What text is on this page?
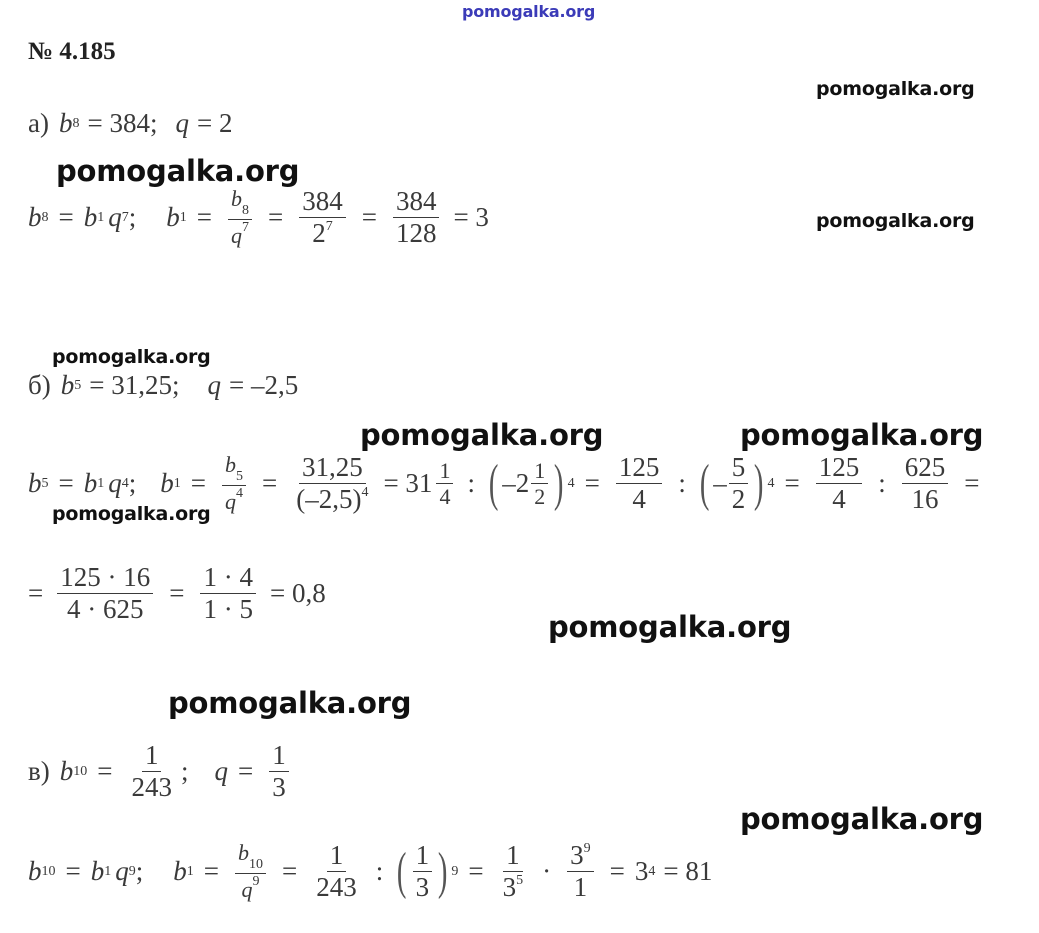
pomogalka.org
№ 4.185
pomogalka.org
pomogalka.org
pomogalka.org
pomogalka.org
pomogalka.org	pomogalka.org
pomogalka.org
pomogalka.org
pomogalka.org
pomogalka.org
а) b 8 = 384; q = 2
b 8 = b 1 q 7 ; b $1 = \frac{b_8}{q^7} = \frac{384}{2^7} = \frac{384}{128} = 3$
б) b 5 = 31,25; q = –2,5
b 5 = b 1 q 4 ; b $1 = \frac{b_5}{q^4} = \frac{31,25}{(-2,5)^4} = 31 \frac{1}{4}$ : ( $-2 \frac{1}{2}$ ) $4 = \frac{125}{4}$ : ( – $\frac{5}{2}$ ) $4 = \frac{125}{4}$ : $\frac{625}{16}$ =
= $\frac{125 \cdot 16}{4 \cdot 625} = \frac{1 \cdot 4}{1 \cdot 5} = 0,8$
в) b $10 = \frac{1}{243}$ ; $q = \frac{1}{3}$
b 10 = b 1 q 9 ; b $1 = \frac{b_{10}}{q^9} = \frac{1}{243}$ : ( $\frac{1}{3}$ ) $9 = \frac{1}{3^5} \cdot \frac{3^9}{1} = 3$ 4 = 81
